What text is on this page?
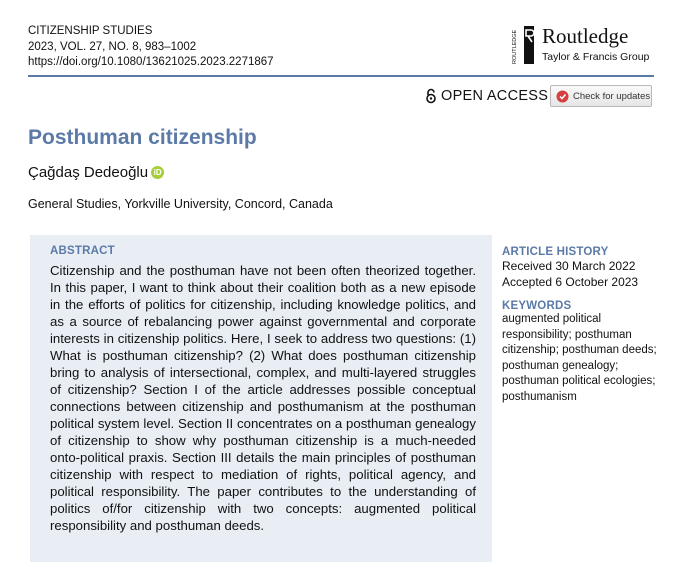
CITIZENSHIP STUDIES
2023, VOL. 27, NO. 8, 983–1002
https://doi.org/10.1080/13621025.2023.2271867	ROUTLEDGE Routledge
Taylor & Francis Group
OPEN ACCESS	Check for updates
Posthuman citizenship
Çağdaş Dedeoğlu iD
General Studies, Yorkville University, Concord, Canada
ABSTRACT
Citizenship and the posthuman have not been often theorized together. In this paper, I want to think about their coalition both as a new episode in the efforts of politics for citizenship, including knowledge politics, and as a source of rebalancing power against governmental and corporate interests in citizenship politics. Here, I seek to address two questions: (1) What is posthuman citizenship? (2) What does posthuman citizenship bring to analysis of intersectional, complex, and multi-layered struggles of citizenship? Section I of the article addresses possible conceptual connections between citizenship and posthumanism at the posthuman political system level. Section II concentrates on a posthuman genealogy of citizenship to show why posthuman citizenship is a much-needed onto-political praxis. Section III details the main principles of posthuman citizenship with respect to mediation of rights, political agency, and political responsibility. The paper contributes to the understanding of politics of/for citizenship with two concepts: augmented political responsibility and posthuman deeds.
ARTICLE HISTORY
Received 30 March 2022
Accepted 6 October 2023
KEYWORDS
augmented political responsibility; posthuman citizenship; posthuman deeds; posthuman genealogy; posthuman political ecologies; posthumanism
